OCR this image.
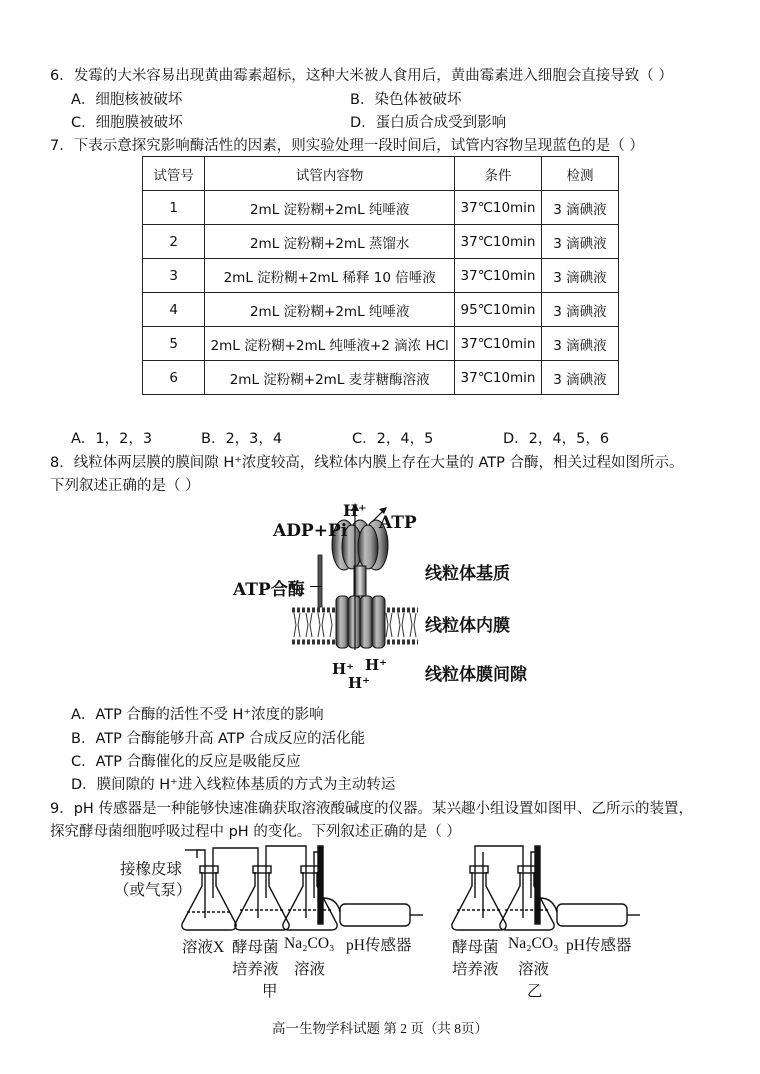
6．发霉的大米容易出现黄曲霉素超标，这种大米被人食用后，黄曲霉素进入细胞会直接导致（ ）
A．细胞核被破坏	B．染色体被破坏
C．细胞膜被破坏	D．蛋白质合成受到影响
7．下表示意探究影响酶活性的因素，则实验处理一段时间后，试管内容物呈现蓝色的是（ ）
试管号	试管内容物	条件	检测
1	2mL 淀粉糊+2mL 纯唾液	37℃10min	3 滴碘液
2	2mL 淀粉糊+2mL 蒸馏水	37℃10min	3 滴碘液
3	2mL 淀粉糊+2mL 稀释 10 倍唾液	37℃10min	3 滴碘液
4	2mL 淀粉糊+2mL 纯唾液	95℃10min	3 滴碘液
5	2mL 淀粉糊+2mL 纯唾液+2 滴浓 HCl	37℃10min	3 滴碘液
6	2mL 淀粉糊+2mL 麦芽糖酶溶液	37℃10min	3 滴碘液
A．1，2，3	B．2，3，4	C．2，4，5	D．2，4，5，6
8．线粒体两层膜的膜间隙 H⁺浓度较高，线粒体内膜上存在大量的 ATP 合酶，相关过程如图所示。
下列叙述正确的是（ ）
H⁺
ADP+Pi ATP
ATP合酶
线粒体基质
线粒体内膜
线粒体膜间隙
H⁺ H⁺
H⁺
A．ATP 合酶的活性不受 H⁺浓度的影响
B．ATP 合酶能够升高 ATP 合成反应的活化能
C．ATP 合酶催化的反应是吸能反应
D．膜间隙的 H⁺进入线粒体基质的方式为主动转运
9．pH 传感器是一种能够快速准确获取溶液酸碱度的仪器。某兴趣小组设置如图甲、乙所示的装置，
探究酵母菌细胞呼吸过程中 pH 的变化。下列叙述正确的是（ ）
接橡皮球
（或气泵）
溶液X 酵母菌
培养液
Na₂CO₃
溶液
pH传感器
甲
酵母菌
培养液
Na₂CO₃
溶液
pH传感器
乙
高一生物学科试题 第 2 页（共 8页）
